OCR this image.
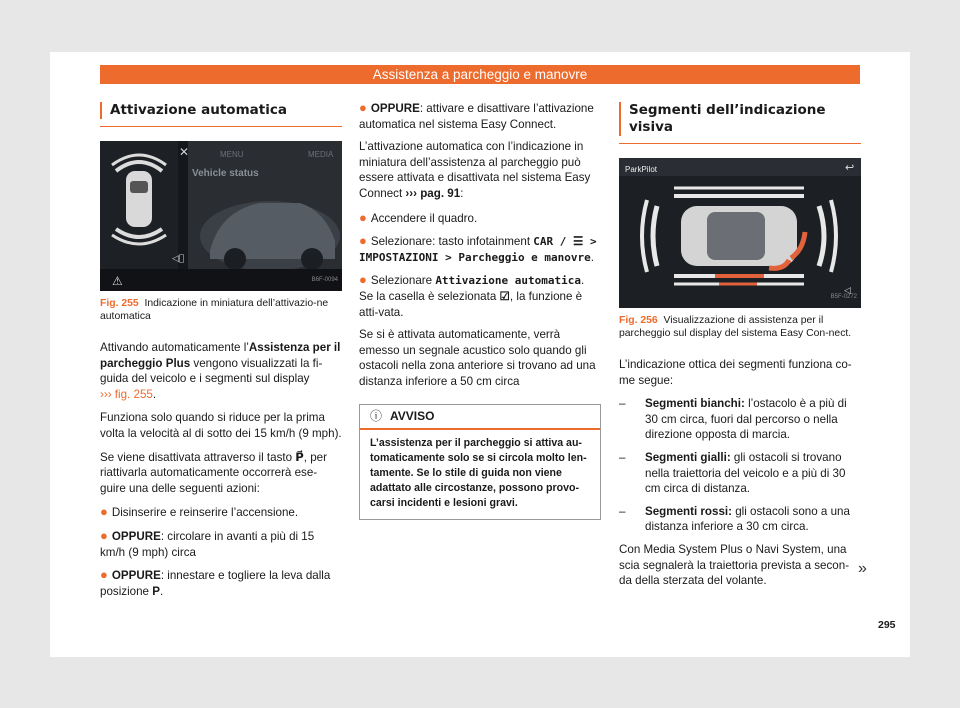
Assistenza a parcheggio e manovre
Attivazione automatica
⚠
✕
◁⃒
MENU	MEDIA
Vehicle status
B6F-0094
Fig. 255 Indicazione in miniatura dell’attivazio-ne automatica

Attivando automaticamente l’Assistenza per il parcheggio Plus vengono visualizzati la fi-guida del veicolo e i segmenti sul display
››› fig. 255.

Funziona solo quando si riduce per la prima volta la velocità al di sotto dei 15 km/h (9 mph).

Se viene disattivata attraverso il tasto P⃗, per riattivarla automaticamente occorrerà ese-guire una delle seguenti azioni:

● Disinserire e reinserire l’accensione.
● OPPURE: circolare in avanti a più di 15 km/h (9 mph) circa
● OPPURE: innestare e togliere la leva dalla posizione P.
● OPPURE: attivare e disattivare l’attivazione automatica nel sistema Easy Connect.

L’attivazione automatica con l’indicazione in miniatura dell’assistenza al parcheggio può essere attivata e disattivata nel sistema Easy Connect ››› pag. 91:

● Accendere il quadro.
● Selezionare: tasto infotainment CAR / ☰ > IMPOSTAZIONI > Parcheggio e manovre.
● Selezionare Attivazione automatica. Se la casella è selezionata ☑, la funzione è atti-vata.

Se si è attivata automaticamente, verrà emesso un segnale acustico solo quando gli ostacoli nella zona anteriore si trovano ad una distanza inferiore a 50 cm circa

ⓘ AVVISO
L’assistenza per il parcheggio si attiva au-tomaticamente solo se si circola molto len-tamente. Se lo stile di guida non viene adattato alle circostanze, possono provo-carsi incidenti e lesioni gravi.
Segmenti dell’indicazione visiva
↩
◁
ParkPilot
B5F-0272
Fig. 256 Visualizzazione di assistenza per il parcheggio sul display del sistema Easy Con-nect.

L’indicazione ottica dei segmenti funziona co-me segue:

–	Segmenti bianchi: l’ostacolo è a più di 30 cm circa, fuori dal percorso o nella direzione opposta di marcia.
–	Segmenti gialli: gli ostacoli si trovano nella traiettoria del veicolo e a più di 30 cm circa di distanza.
–	Segmenti rossi: gli ostacoli sono a una distanza inferiore a 30 cm circa.

Con Media System Plus o Navi System, una scia segnalerà la traiettoria prevista a secon-da della sterzata del volante.

»
295
